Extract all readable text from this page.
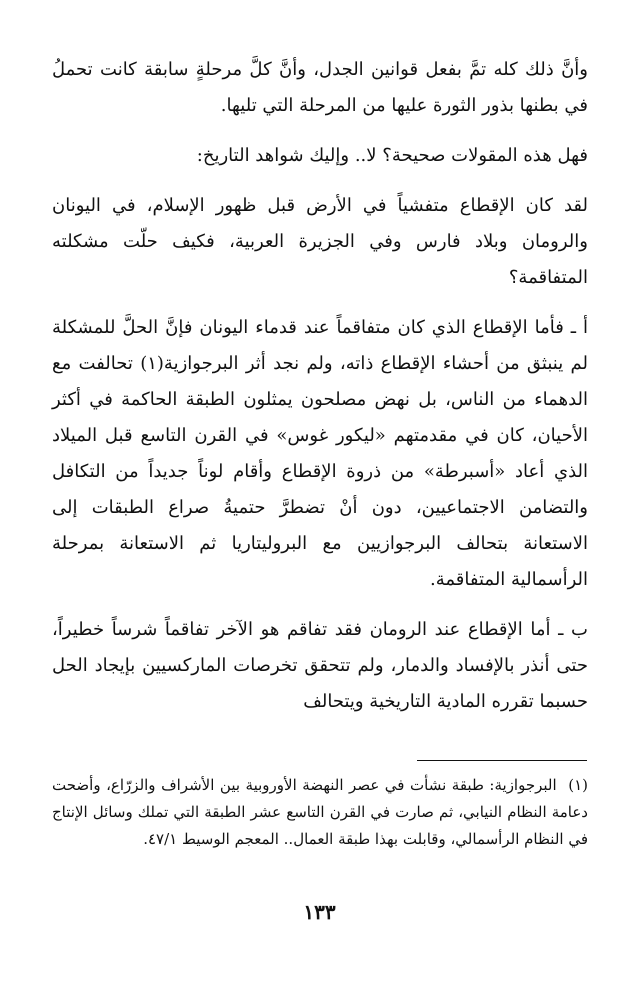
وأنَّ ذلك كله تمَّ بفعل قوانين الجدل، وأنَّ كلَّ مرحلةٍ سابقة كانت تحملُ في بطنها بذور الثورة عليها من المرحلة التي تليها.

فهل هذه المقولات صحيحة؟ لا.. وإليك شواهد التاريخ:

لقد كان الإقطاع متفشياً في الأرض قبل ظهور الإسلام، في اليونان والرومان وبلاد فارس وفي الجزيرة العربية، فكيف حلّت مشكلته المتفاقمة؟

أ ـ فأما الإقطاع الذي كان متفاقماً عند قدماء اليونان فإنَّ الحلَّ للمشكلة لم ينبثق من أحشاء الإقطاع ذاته، ولم نجد أثر البرجوازية(١) تحالفت مع الدهماء من الناس، بل نهض مصلحون يمثلون الطبقة الحاكمة في أكثر الأحيان، كان في مقدمتهم «ليكور غوس» في القرن التاسع قبل الميلاد الذي أعاد «أسبرطة» من ذروة الإقطاع وأقام لوناً جديداً من التكافل والتضامن الاجتماعيين، دون أنْ تضطرَّ حتميةُ صراع الطبقات إلى الاستعانة بتحالف البرجوازيين مع البروليتاريا ثم الاستعانة بمرحلة الرأسمالية المتفاقمة.

ب ـ أما الإقطاع عند الرومان فقد تفاقم هو الآخر تفاقماً شرساً خطيراً، حتى أنذر بالإفساد والدمار، ولم تتحقق تخرصات الماركسيين بإيجاد الحل حسبما تقرره المادية التاريخية ويتحالف

(١) البرجوازية: طبقة نشأت في عصر النهضة الأوروبية بين الأشراف والزرّاع، وأضحت دعامة النظام النيابي، ثم صارت في القرن التاسع عشر الطبقة التي تملك وسائل الإنتاج في النظام الرأسمالي، وقابلت بهذا طبقة العمال.. المعجم الوسيط ٤٧/١.
١٣٣
